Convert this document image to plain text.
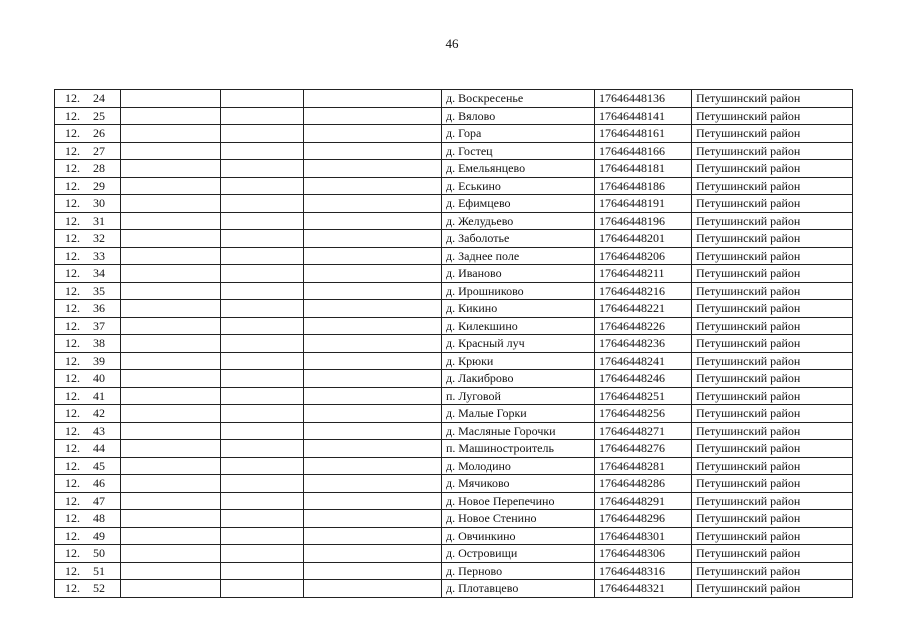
46
12. 24				д. Воскресенье	17646448136	Петушинский район
12. 25				д. Вялово	17646448141	Петушинский район
12. 26				д. Гора	17646448161	Петушинский район
12. 27				д. Гостец	17646448166	Петушинский район
12. 28				д. Емельянцево	17646448181	Петушинский район
12. 29				д. Еськино	17646448186	Петушинский район
12. 30				д. Ефимцево	17646448191	Петушинский район
12. 31				д. Желудьево	17646448196	Петушинский район
12. 32				д. Заболотье	17646448201	Петушинский район
12. 33				д. Заднее поле	17646448206	Петушинский район
12. 34				д. Иваново	17646448211	Петушинский район
12. 35				д. Ирошниково	17646448216	Петушинский район
12. 36				д. Кикино	17646448221	Петушинский район
12. 37				д. Килекшино	17646448226	Петушинский район
12. 38				д. Красный луч	17646448236	Петушинский район
12. 39				д. Крюки	17646448241	Петушинский район
12. 40				д. Лакиброво	17646448246	Петушинский район
12. 41				п. Луговой	17646448251	Петушинский район
12. 42				д. Малые Горки	17646448256	Петушинский район
12. 43				д. Масляные Горочки	17646448271	Петушинский район
12. 44				п. Машиностроитель	17646448276	Петушинский район
12. 45				д. Молодино	17646448281	Петушинский район
12. 46				д. Мячиково	17646448286	Петушинский район
12. 47				д. Новое Перепечино	17646448291	Петушинский район
12. 48				д. Новое Стенино	17646448296	Петушинский район
12. 49				д. Овчинкино	17646448301	Петушинский район
12. 50				д. Островищи	17646448306	Петушинский район
12. 51				д. Перново	17646448316	Петушинский район
12. 52				д. Плотавцево	17646448321	Петушинский район
